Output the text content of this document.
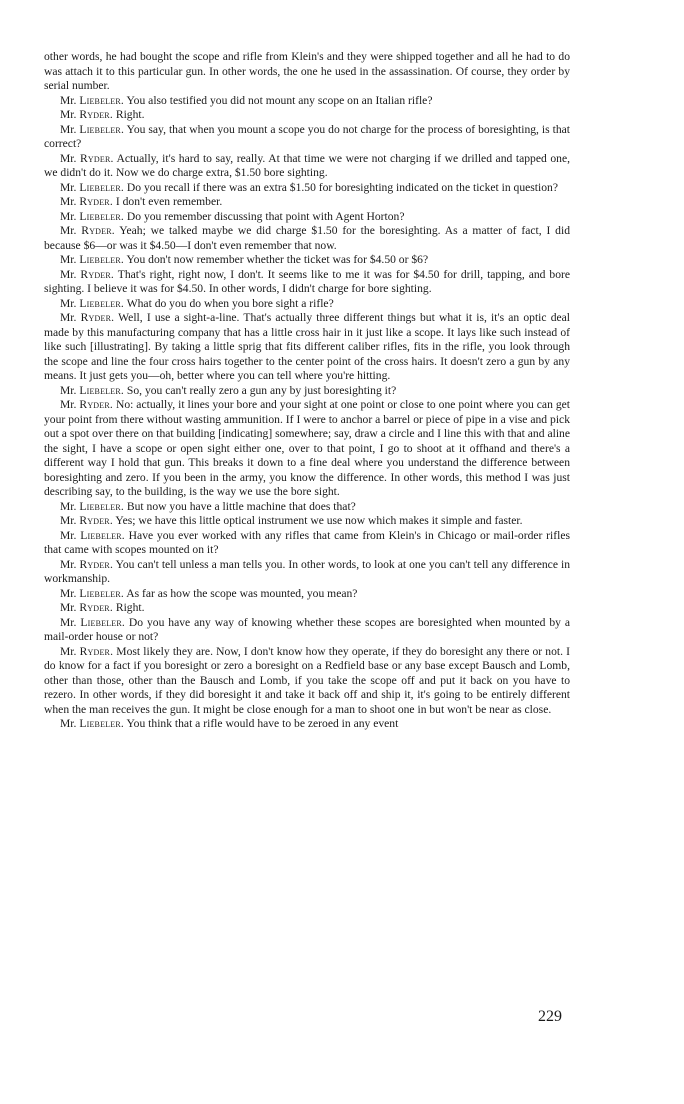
other words, he had bought the scope and rifle from Klein's and they were shipped together and all he had to do was attach it to this particular gun. In other words, the one he used in the assassination. Of course, they order by serial number.

Mr. Liebeler. You also testified you did not mount any scope on an Italian rifle?

Mr. Ryder. Right.

Mr. Liebeler. You say, that when you mount a scope you do not charge for the process of boresighting, is that correct?

Mr. Ryder. Actually, it's hard to say, really. At that time we were not charging if we drilled and tapped one, we didn't do it. Now we do charge extra, $1.50 bore sighting.

Mr. Liebeler. Do you recall if there was an extra $1.50 for boresighting indicated on the ticket in question?

Mr. Ryder. I don't even remember.

Mr. Liebeler. Do you remember discussing that point with Agent Horton?

Mr. Ryder. Yeah; we talked maybe we did charge $1.50 for the boresighting. As a matter of fact, I did because $6—or was it $4.50—I don't even remember that now.

Mr. Liebeler. You don't now remember whether the ticket was for $4.50 or $6?

Mr. Ryder. That's right, right now, I don't. It seems like to me it was for $4.50 for drill, tapping, and bore sighting. I believe it was for $4.50. In other words, I didn't charge for bore sighting.

Mr. Liebeler. What do you do when you bore sight a rifle?

Mr. Ryder. Well, I use a sight-a-line. That's actually three different things but what it is, it's an optic deal made by this manufacturing company that has a little cross hair in it just like a scope. It lays like such instead of like such [illustrating]. By taking a little sprig that fits different caliber rifles, fits in the rifle, you look through the scope and line the four cross hairs together to the center point of the cross hairs. It doesn't zero a gun by any means. It just gets you—oh, better where you can tell where you're hitting.

Mr. Liebeler. So, you can't really zero a gun any by just boresighting it?

Mr. Ryder. No: actually, it lines your bore and your sight at one point or close to one point where you can get your point from there without wasting ammunition. If I were to anchor a barrel or piece of pipe in a vise and pick out a spot over there on that building [indicating] somewhere; say, draw a circle and I line this with that and aline the sight, I have a scope or open sight either one, over to that point, I go to shoot at it offhand and there's a different way I hold that gun. This breaks it down to a fine deal where you understand the difference between boresighting and zero. If you been in the army, you know the difference. In other words, this method I was just describing say, to the building, is the way we use the bore sight.

Mr. Liebeler. But now you have a little machine that does that?

Mr. Ryder. Yes; we have this little optical instrument we use now which makes it simple and faster.

Mr. Liebeler. Have you ever worked with any rifles that came from Klein's in Chicago or mail-order rifles that came with scopes mounted on it?

Mr. Ryder. You can't tell unless a man tells you. In other words, to look at one you can't tell any difference in workmanship.

Mr. Liebeler. As far as how the scope was mounted, you mean?

Mr. Ryder. Right.

Mr. Liebeler. Do you have any way of knowing whether these scopes are boresighted when mounted by a mail-order house or not?

Mr. Ryder. Most likely they are. Now, I don't know how they operate, if they do boresight any there or not. I do know for a fact if you boresight or zero a boresight on a Redfield base or any base except Bausch and Lomb, other than those, other than the Bausch and Lomb, if you take the scope off and put it back on you have to rezero. In other words, if they did boresight it and take it back off and ship it, it's going to be entirely different when the man receives the gun. It might be close enough for a man to shoot one in but won't be near as close.

Mr. Liebeler. You think that a rifle would have to be zeroed in any event

229
